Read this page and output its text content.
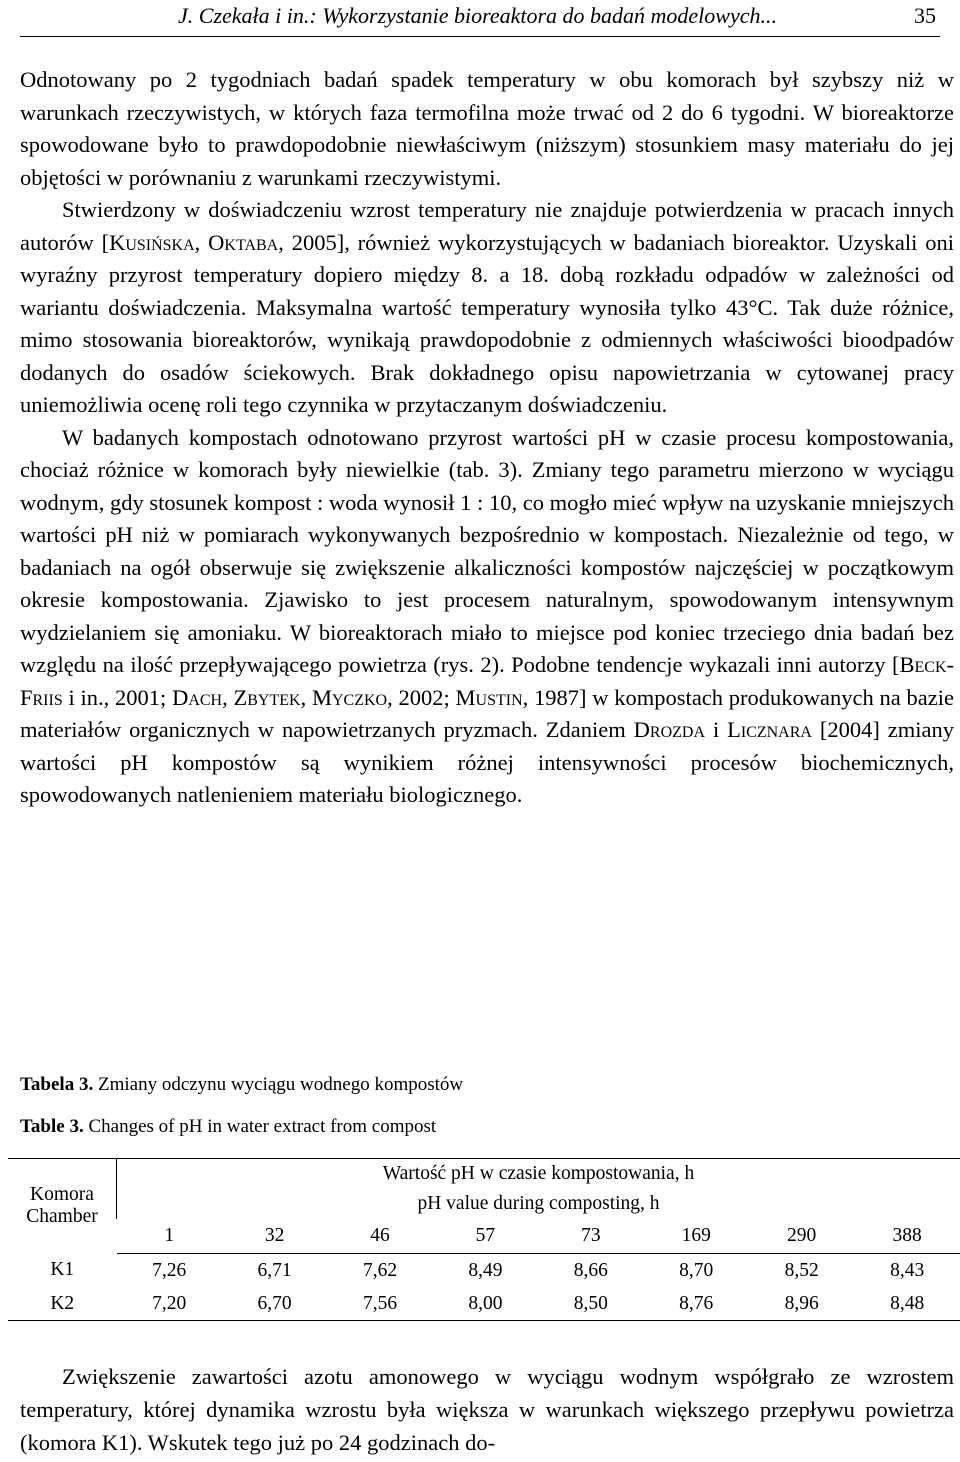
J. Czekała i in.: Wykorzystanie bioreaktora do badań modelowych...	35

Odnotowany po 2 tygodniach badań spadek temperatury w obu komorach był szybszy niż w warunkach rzeczywistych, w których faza termofilna może trwać od 2 do 6 tygodni. W bioreaktorze spowodowane było to prawdopodobnie niewłaściwym (niższym) stosunkiem masy materiału do jej objętości w porównaniu z warunkami rzeczywistymi.

Stwierdzony w doświadczeniu wzrost temperatury nie znajduje potwierdzenia w pracach innych autorów [Kusińska, Oktaba, 2005], również wykorzystujących w badaniach bioreaktor. Uzyskali oni wyraźny przyrost temperatury dopiero między 8. a 18. dobą rozkładu odpadów w zależności od wariantu doświadczenia. Maksymalna wartość temperatury wynosiła tylko 43°C. Tak duże różnice, mimo stosowania bioreaktorów, wynikają prawdopodobnie z odmiennych właściwości bioodpadów dodanych do osadów ściekowych. Brak dokładnego opisu napowietrzania w cytowanej pracy uniemożliwia ocenę roli tego czynnika w przytaczanym doświadczeniu.

W badanych kompostach odnotowano przyrost wartości pH w czasie procesu kompostowania, chociaż różnice w komorach były niewielkie (tab. 3). Zmiany tego parametru mierzono w wyciągu wodnym, gdy stosunek kompost : woda wynosił 1 : 10, co mogło mieć wpływ na uzyskanie mniejszych wartości pH niż w pomiarach wykonywanych bezpośrednio w kompostach. Niezależnie od tego, w badaniach na ogół obserwuje się zwiększenie alkaliczności kompostów najczęściej w początkowym okresie kompostowania. Zjawisko to jest procesem naturalnym, spowodowanym intensywnym wydzielaniem się amoniaku. W bioreaktorach miało to miejsce pod koniec trzeciego dnia badań bez względu na ilość przepływającego powietrza (rys. 2). Podobne tendencje wykazali inni autorzy [Beck-Friis i in., 2001; Dach, Zbytek, Myczko, 2002; Mustin, 1987] w kompostach produkowanych na bazie materiałów organicznych w napowietrzanych pryzmach. Zdaniem Drozda i Licznara [2004] zmiany wartości pH kompostów są wynikiem różnej intensywności procesów biochemicznych, spowodowanych natlenieniem materiału biologicznego.

Tabela 3. Zmiany odczynu wyciągu wodnego kompostów
Table 3. Changes of pH in water extract from compost
Komora
Chamber	Wartość pH w czasie kompostowania, h							
	pH value during composting, h							
	1	32	46	57	73	169	290	388
K1	7,26	6,71	7,62	8,49	8,66	8,70	8,52	8,43
K2	7,20	6,70	7,56	8,00	8,50	8,76	8,96	8,48

Zwiększenie zawartości azotu amonowego w wyciągu wodnym współgrało ze wzrostem temperatury, której dynamika wzrostu była większa w warunkach większego przepływu powietrza (komora K1). Wskutek tego już po 24 godzinach do-
